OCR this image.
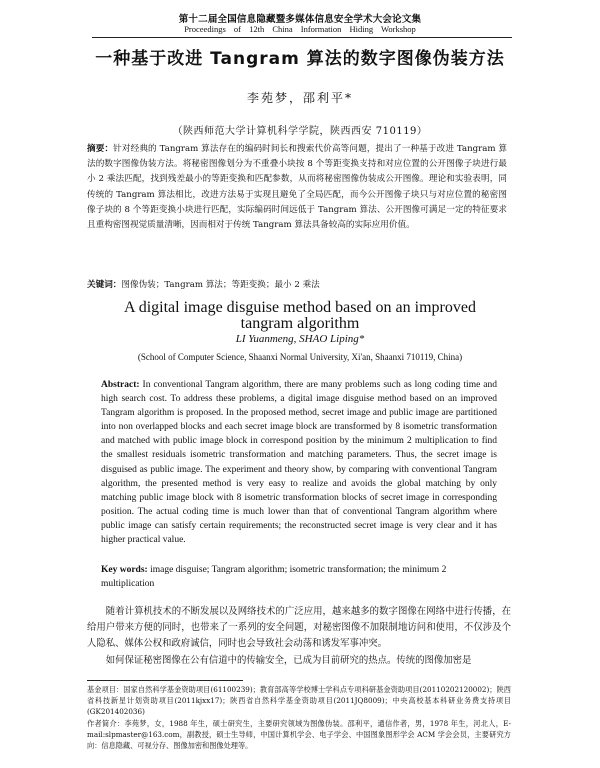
第十二届全国信息隐藏暨多媒体信息安全学术大会论文集
Proceedings of 12th China Information Hiding Workshop
一种基于改进 Tangram 算法的数字图像伪装方法
李苑梦，邵利平*
（陕西师范大学计算机科学学院，陕西西安 710119）
摘要：针对经典的 Tangram 算法存在的编码时间长和搜索代价高等问题，提出了一种基于改进 Tangram 算法的数字图像伪装方法。将秘密图像划分为不重叠小块按 8 个等距变换支持和对应位置的公开图像子块进行最小 2 乘法匹配，找到残差最小的等距变换和匹配参数，从而将秘密图像伪装成公开图像。理论和实验表明，同传统的 Tangram 算法相比，改进方法易于实现且避免了全局匹配，而今公开图像子块只与对应位置的秘密图像子块的 8 个等距变换小块进行匹配，实际编码时间远低于 Tangram 算法、公开图像可满足一定的特征要求且重构密图视觉质量清晰，因而相对于传统 Tangram 算法具备较高的实际应用价值。
关键词：图像伪装；Tangram 算法；等距变换；最小 2 乘法
A digital image disguise method based on an improved
tangram algorithm
LI Yuanmeng, SHAO Liping*
(School of Computer Science, Shaanxi Normal University, Xi'an, Shaanxi 710119, China)
Abstract: In conventional Tangram algorithm, there are many problems such as long coding time and high search cost. To address these problems, a digital image disguise method based on an improved Tangram algorithm is proposed. In the proposed method, secret image and public image are partitioned into non overlapped blocks and each secret image block are transformed by 8 isometric transformation and matched with public image block in correspond position by the minimum 2 multiplication to find the smallest residuals isometric transformation and matching parameters. Thus, the secret image is disguised as public image. The experiment and theory show, by comparing with conventional Tangram algorithm, the presented method is very easy to realize and avoids the global matching by only matching public image block with 8 isometric transformation blocks of secret image in corresponding position. The actual coding time is much lower than that of conventional Tangram algorithm where public image can satisfy certain requirements; the reconstructed secret image is very clear and it has higher practical value.
Key words: image disguise; Tangram algorithm; isometric transformation; the minimum 2 multiplication

随着计算机技术的不断发展以及网络技术的广泛应用，越来越多的数字图像在网络中进行传播，在给用户带来方便的同时，也带来了一系列的安全问题，对秘密图像不加限制地访问和使用，不仅涉及个人隐私、媒体公权和政府诚信，同时也会导致社会动荡和诱发军事冲突。

如何保证秘密图像在公有信道中的传输安全，已成为目前研究的热点。传统的图像加密是

基金项目：国家自然科学基金资助项目(61100239)；教育部高等学校博士学科点专项科研基金资助项目(20110202120002)；陕西省科技新星计划资助项目(2011kjxx17)；陕西省自然科学基金资助项目(2011JQ8009)；中央高校基本科研业务费支持项目(GK201402036)

作者简介：李苑梦，女，1988 年生，硕士研究生，主要研究领域为图像伪装。邵利平，通信作者，男，1978 年生，河北人，E-mail:slpmaster@163.com，副教授，硕士生导师，中国计算机学会、电子学会、中国图象图形学会 ACM 学会会员，主要研究方向：信息隐藏、可视分存、图像加密和图像处理等。
